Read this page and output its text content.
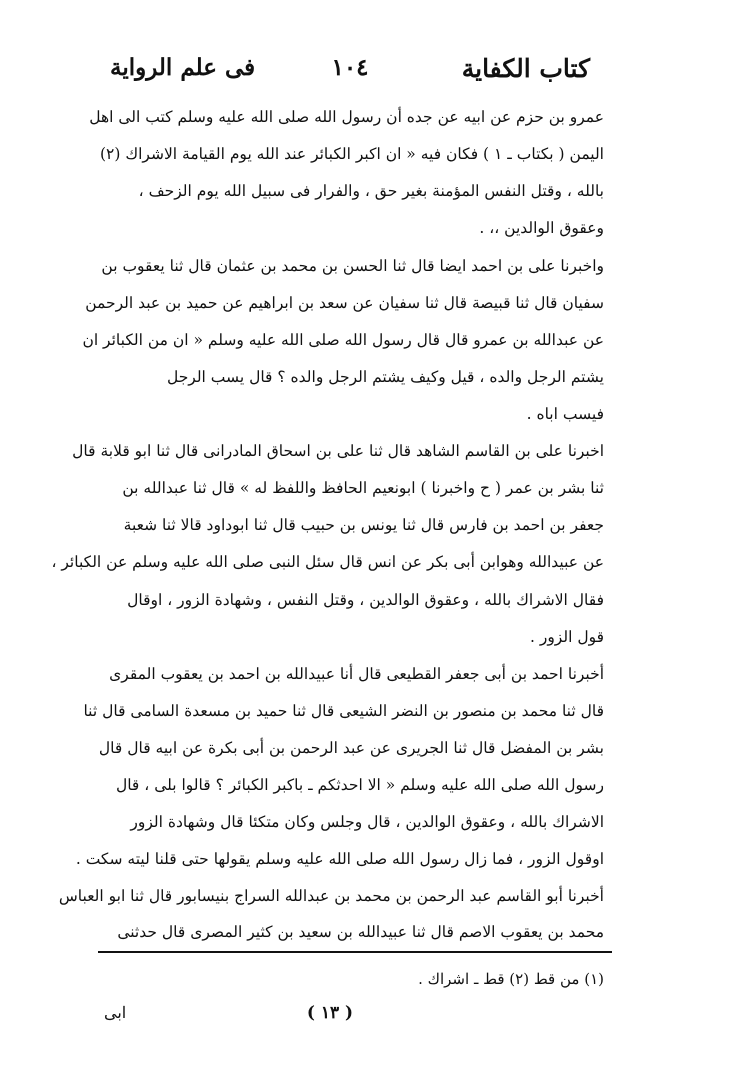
كتاب الكفاية
١٠٤
فى علم الرواية
عمرو بن حزم عن ابيه عن جده أن رسول الله صلى الله عليه وسلم كتب الى اهل
اليمن ( بكتاب ـ ١ ) فكان فيه « ان اكبر الكبائر عند الله يوم القيامة الاشراك (٢)
بالله ، وقتل النفس المؤمنة بغير حق ، والفرار فى سبيل الله يوم الزحف ،
وعقوق الوالدين ،، .
واخبرنا على بن احمد ايضا قال ثنا الحسن بن محمد بن عثمان قال ثنا يعقوب بن
سفيان قال ثنا قبيصة قال ثنا سفيان عن سعد بن ابراهيم عن حميد بن عبد الرحمن
عن عبدالله بن عمرو قال قال رسول الله صلى الله عليه وسلم « ان من الكبائر ان
يشتم الرجل والده ، قيل وكيف يشتم الرجل والده ؟ قال يسب الرجل
فيسب اباه .
اخبرنا على بن القاسم الشاهد قال ثنا على بن اسحاق المادرانى قال ثنا ابو قلابة قال
ثنا بشر بن عمر ( ح واخبرنا ) ابونعيم الحافظ واللفظ له » قال ثنا عبدالله بن
جعفر بن احمد بن فارس قال ثنا يونس بن حبيب قال ثنا ابوداود قالا ثنا شعبة
عن عبيدالله وهوابن أبى بكر عن انس قال سئل النبى صلى الله عليه وسلم عن الكبائر ،
فقال الاشراك بالله ، وعقوق الوالدين ، وقتل النفس ، وشهادة الزور ، اوقال
قول الزور .
أخبرنا احمد بن أبى جعفر القطيعى قال أنا عبيدالله بن احمد بن يعقوب المقرى
قال ثنا محمد بن منصور بن النضر الشيعى قال ثنا حميد بن مسعدة السامى قال ثنا
بشر بن المفضل قال ثنا الجريرى عن عبد الرحمن بن أبى بكرة عن ابيه قال قال
رسول الله صلى الله عليه وسلم « الا احدثكم ـ باكبر الكبائر ؟ قالوا بلى ، قال
الاشراك بالله ، وعقوق الوالدين ، قال وجلس وكان متكئا قال وشهادة الزور
اوقول الزور ، فما زال رسول الله صلى الله عليه وسلم يقولها حتى قلنا ليته سكت .
أخبرنا أبو القاسم عبد الرحمن بن محمد بن عبدالله السراج بنيسابور قال ثنا ابو العباس
محمد بن يعقوب الاصم قال ثنا عبيدالله بن سعيد بن كثير المصرى قال حدثنى
(١) من قط (٢) قط ـ اشراك .
( ١٣ )
ابى
